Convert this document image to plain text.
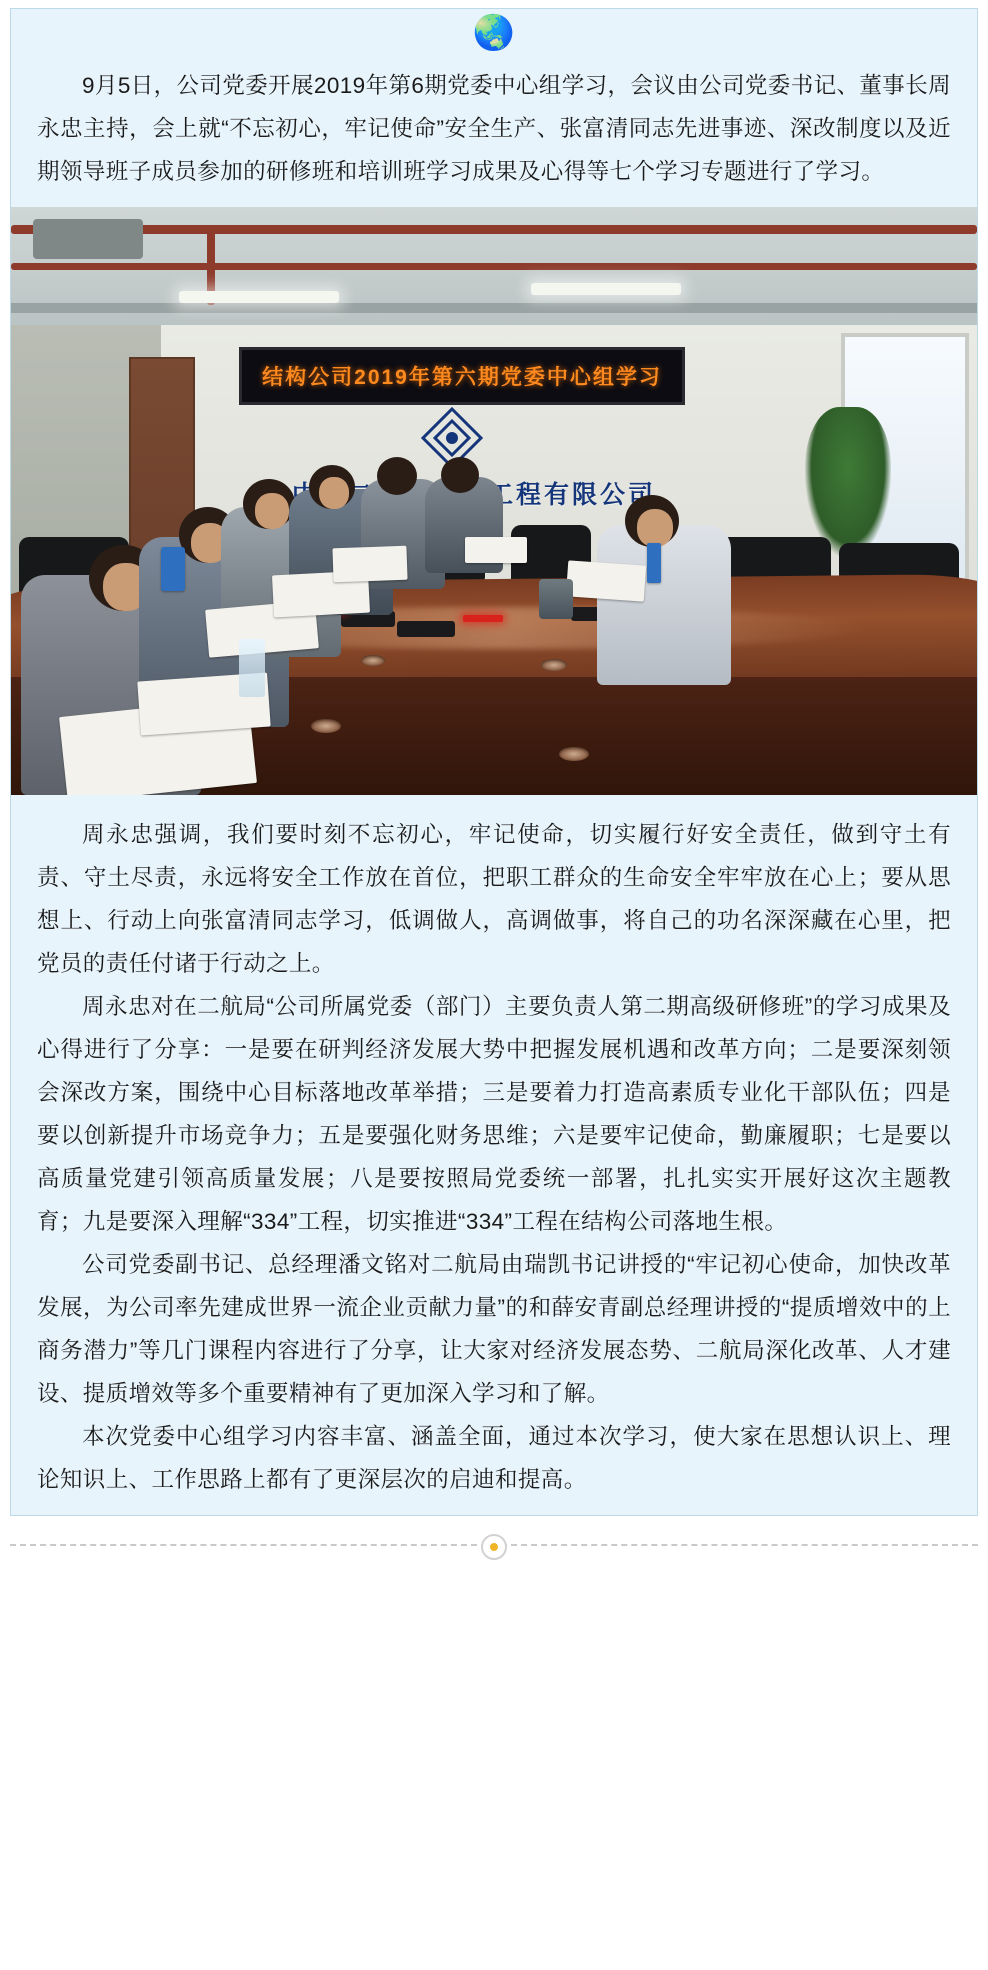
🌏

9月5日，公司党委开展2019年第6期党委中心组学习，会议由公司党委书记、董事长周永忠主持，会上就“不忘初心，牢记使命”安全生产、张富清同志先进事迹、深改制度以及近期领导班子成员参加的研修班和培训班学习成果及心得等七个学习专题进行了学习。

结构公司2019年第六期党委中心组学习

周永忠强调，我们要时刻不忘初心，牢记使命，切实履行好安全责任，做到守土有责、守土尽责，永远将安全工作放在首位，把职工群众的生命安全牢牢放在心上；要从思想上、行动上向张富清同志学习，低调做人，高调做事，将自己的功名深深藏在心里，把党员的责任付诸于行动之上。

周永忠对在二航局“公司所属党委（部门）主要负责人第二期高级研修班”的学习成果及心得进行了分享：一是要在研判经济发展大势中把握发展机遇和改革方向；二是要深刻领会深改方案，围绕中心目标落地改革举措；三是要着力打造高素质专业化干部队伍；四是要以创新提升市场竞争力；五是要强化财务思维；六是要牢记使命，勤廉履职；七是要以高质量党建引领高质量发展；八是要按照局党委统一部署，扎扎实实开展好这次主题教育；九是要深入理解“334”工程，切实推进“334”工程在结构公司落地生根。

公司党委副书记、总经理潘文铭对二航局由瑞凯书记讲授的“牢记初心使命，加快改革发展，为公司率先建成世界一流企业贡献力量”的和薛安青副总经理讲授的“提质增效中的上商务潜力”等几门课程内容进行了分享，让大家对经济发展态势、二航局深化改革、人才建设、提质增效等多个重要精神有了更加深入学习和了解。

本次党委中心组学习内容丰富、涵盖全面，通过本次学习，使大家在思想认识上、理论知识上、工作思路上都有了更深层次的启迪和提高。
